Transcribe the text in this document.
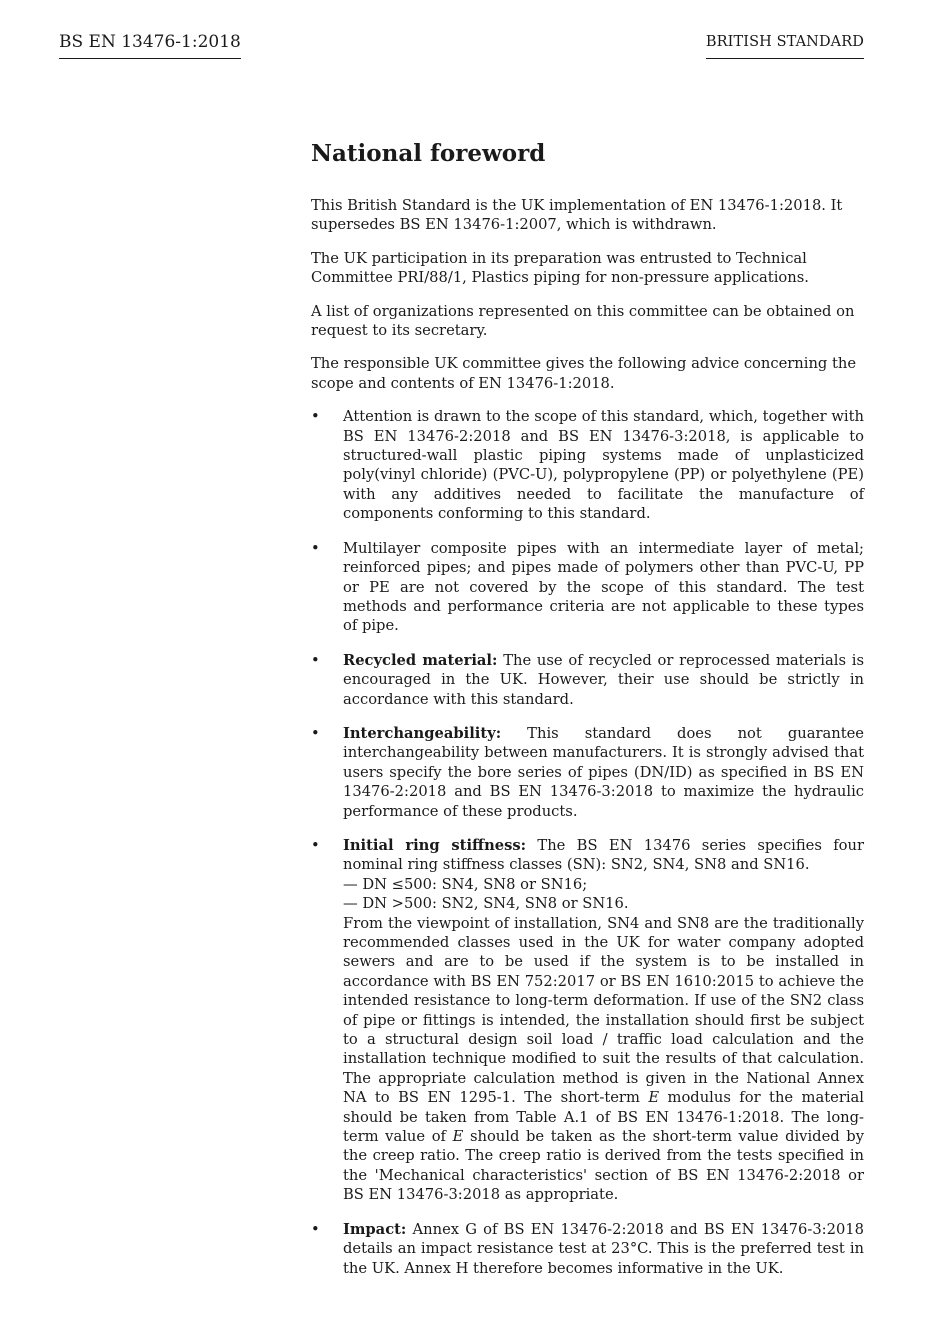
BS EN 13476-1:2018	BRITISH STANDARD
National foreword

This British Standard is the UK implementation of EN 13476-1:2018. It supersedes BS EN 13476-1:2007, which is withdrawn.

The UK participation in its preparation was entrusted to Technical Committee PRI/88/1, Plastics piping for non-pressure applications.

A list of organizations represented on this committee can be obtained on request to its secretary.

The responsible UK committee gives the following advice concerning the scope and contents of EN 13476-1:2018.

• Attention is drawn to the scope of this standard, which, together with BS EN 13476-2:2018 and BS EN 13476-3:2018, is applicable to structured-wall plastic piping systems made of unplasticized poly(vinyl chloride) (PVC-U), polypropylene (PP) or polyethylene (PE) with any additives needed to facilitate the manufacture of components conforming to this standard.

• Multilayer composite pipes with an intermediate layer of metal; reinforced pipes; and pipes made of polymers other than PVC-U, PP or PE are not covered by the scope of this standard. The test methods and performance criteria are not applicable to these types of pipe.

• Recycled material: The use of recycled or reprocessed materials is encouraged in the UK. However, their use should be strictly in accordance with this standard.

• Interchangeability: This standard does not guarantee interchangeability between manufacturers. It is strongly advised that users specify the bore series of pipes (DN/ID) as specified in BS EN 13476-2:2018 and BS EN 13476-3:2018 to maximize the hydraulic performance of these products.

• Initial ring stiffness: The BS EN 13476 series specifies four nominal ring stiffness classes (SN): SN2, SN4, SN8 and SN16.

— DN ≤500: SN4, SN8 or SN16;

— DN >500: SN2, SN4, SN8 or SN16.

From the viewpoint of installation, SN4 and SN8 are the traditionally recommended classes used in the UK for water company adopted sewers and are to be used if the system is to be installed in accordance with BS EN 752:2017 or BS EN 1610:2015 to achieve the intended resistance to long-term deformation. If use of the SN2 class of pipe or fittings is intended, the installation should first be subject to a structural design soil load / traffic load calculation and the installation technique modified to suit the results of that calculation. The appropriate calculation method is given in the National Annex NA to BS EN 1295-1. The short-term E modulus for the material should be taken from Table A.1 of BS EN 13476-1:2018. The long-term value of E should be taken as the short-term value divided by the creep ratio. The creep ratio is derived from the tests specified in the 'Mechanical characteristics' section of BS EN 13476-2:2018 or BS EN 13476-3:2018 as appropriate.

• Impact: Annex G of BS EN 13476-2:2018 and BS EN 13476-3:2018 details an impact resistance test at 23°C. This is the preferred test in the UK. Annex H therefore becomes informative in the UK.
